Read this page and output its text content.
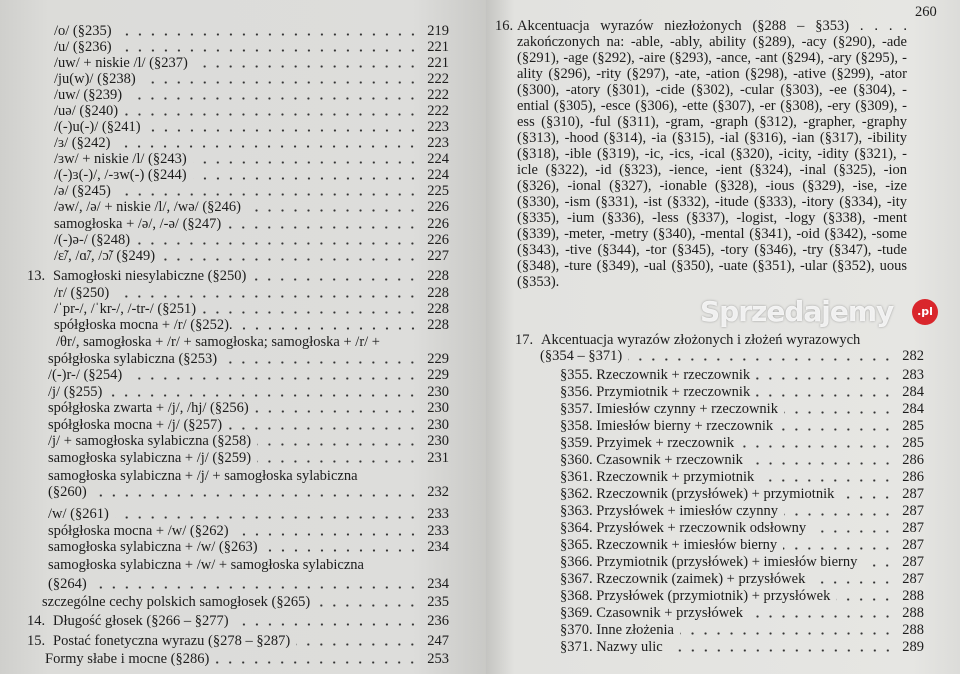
16. Akcentuacja wyrazów niezłożonych (§288 – §353) . . . . zakończonych na: -able, -ably, ability (§289), -acy (§290), -ade (§291), -age (§292), -aire (§293), -ance, -ant (§294), -ary (§295), -ality (§296), -rity (§297), -ate, -ation (§298), -ative (§299), -ator (§300), -atory (§301), -cide (§302), -cular (§303), -ee (§304), -ential (§305), -esce (§306), -ette (§307), -er (§308), -ery (§309), -ess (§310), -ful (§311), -gram, -graph (§312), -grapher, -graphy (§313), -hood (§314), -ia (§315), -ial (§316), -ian (§317), -ibility (§318), -ible (§319), -ic, -ics, -ical (§320), -icity, -idity (§321), -icle (§322), -id (§323), -ience, -ient (§324), -inal (§325), -ion (§326), -ional (§327), -ionable (§328), -ious (§329), -ise, -ize (§330), -ism (§331), -ist (§332), -itude (§333), -itory (§334), -ity (§335), -ium (§336), -less (§337), -logist, -logy (§338), -ment (§339), -meter, -metry (§340), -mental (§341), -oid (§342), -some (§343), -tive (§344), -tor (§345), -tory (§346), -try (§347), -tude (§348), -ture (§349), -ual (§350), -uate (§351), -ular (§352), uous (§353).
260
/o/ (§235)	219
/u/ (§236)	221
/uw/ + niskie /l/ (§237)	221
/ju(w)/ (§238)	222
/uw/ (§239)	222
/uə/ (§240)	222
/(-)u(-)/ (§241)	223
/ɜ/ (§242)	223
/ɜw/ + niskie /l/ (§243)	224
/(-)ɜ(-)/, /-ɜw(-) (§244)	224
/ə/ (§245)	225
/əw/, /ə/ + niskie /l/, /wə/ (§246)	226
samogłoska + /ə/, /-ə/ (§247)	226
/(-)ə-/ (§248)	226
/ɛ̃/, /ɑ̃/, /ɔ̃/ (§249)	227
13. Samogłoski niesylabiczne (§250)	228
/r/ (§250)	228
/ˈpr-/, /ˈkr-/, /-tr-/ (§251)	228
spółgłoska mocna + /r/ (§252).	228
/θr/, samogłoska + /r/ + samogłoska; samogłoska + /r/ +
spółgłoska sylabiczna (§253)	229
/(-)r-/ (§254)	229
/j/ (§255)	230
spółgłoska zwarta + /j/, /hj/ (§256)	230
spółgłoska mocna + /j/ (§257)	230
/j/ + samogłoska sylabiczna (§258)	230
samogłoska sylabiczna + /j/ (§259)	231
samogłoska sylabiczna + /j/ + samogłoska sylabiczna
(§260)	232
/w/ (§261)	233
spółgłoska mocna + /w/ (§262)	233
samogłoska sylabiczna + /w/ (§263)	234
samogłoska sylabiczna + /w/ + samogłoska sylabiczna
(§264)	234
szczególne cechy polskich samogłosek (§265)	235
14. Długość głosek (§266 – §277)	236
15. Postać fonetyczna wyrazu (§278 – §287)	247
Formy słabe i mocne (§286)	253
17. Akcentuacja wyrazów złożonych i złożeń wyrazowych
(§354 – §371)	282
§355. Rzeczownik + rzeczownik	283
§356. Przymiotnik + rzeczownik	284
§357. Imiesłów czynny + rzeczownik	284
§358. Imiesłów bierny + rzeczownik	285
§359. Przyimek + rzeczownik	285
§360. Czasownik + rzeczownik	286
§361. Rzeczownik + przymiotnik	286
§362. Rzeczownik (przysłówek) + przymiotnik	287
§363. Przysłówek + imiesłów czynny	287
§364. Przysłówek + rzeczownik odsłowny	287
§365. Rzeczownik + imiesłów bierny	287
§366. Przymiotnik (przysłówek) + imiesłów bierny	287
§367. Rzeczownik (zaimek) + przysłówek	287
§368. Przysłówek (przymiotnik) + przysłówek	288
§369. Czasownik + przysłówek	288
§370. Inne złożenia	288
§371. Nazwy ulic	289
Sprzedajemy	.pl
